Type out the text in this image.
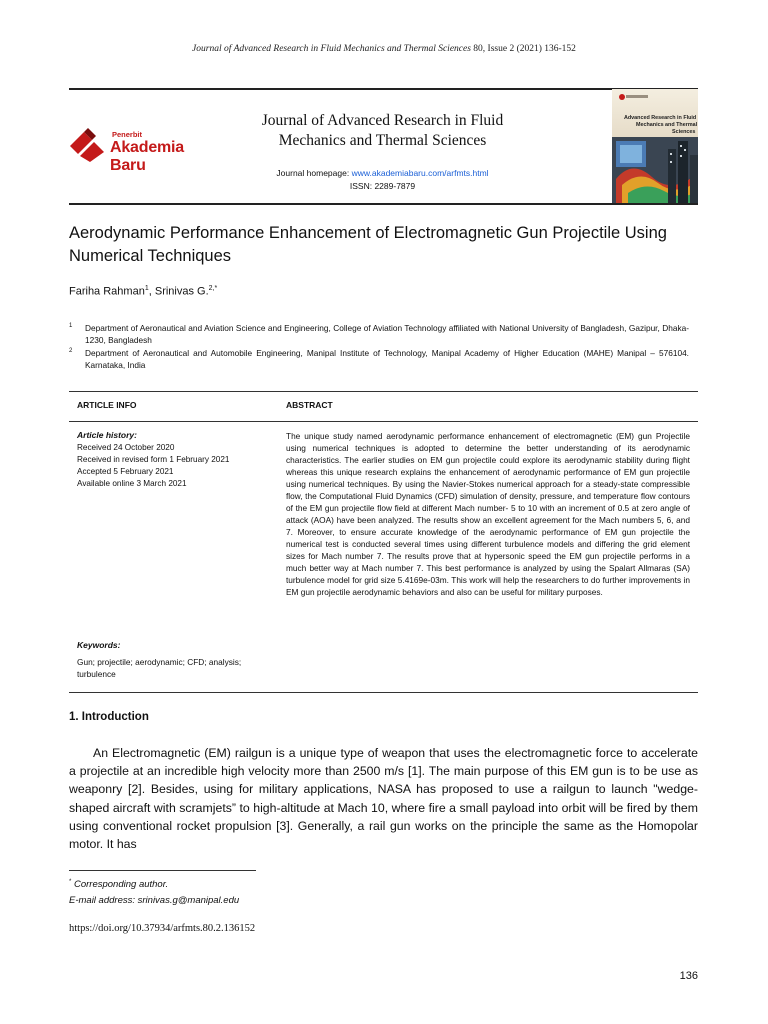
Journal of Advanced Research in Fluid Mechanics and Thermal Sciences 80, Issue 2 (2021) 136-152
Penerbit
Akademia Baru
Journal of Advanced Research in Fluid
Mechanics and Thermal Sciences
Journal homepage: www.akademiabaru.com/arfmts.html
ISSN: 2289-7879
Advanced Research in Fluid
Mechanics and Thermal
Sciences
Aerodynamic Performance Enhancement of Electromagnetic Gun Projectile Using Numerical Techniques
Fariha Rahman$^1$, Srinivas G.$^{2,*}$
1 Department of Aeronautical and Aviation Science and Engineering, College of Aviation Technology affiliated with National University of Bangladesh, Gazipur, Dhaka-1230, Bangladesh
2 Department of Aeronautical and Automobile Engineering, Manipal Institute of Technology, Manipal Academy of Higher Education (MAHE) Manipal – 576104. Karnataka, India
ARTICLE INFO	ABSTRACT
Article history:
Received 24 October 2020
Received in revised form 1 February 2021
Accepted 5 February 2021
Available online 3 March 2021
Keywords:
Gun; projectile; aerodynamic; CFD; analysis; turbulence
The unique study named aerodynamic performance enhancement of electromagnetic (EM) gun Projectile using numerical techniques is adopted to determine the better understanding of its aerodynamic characteristics. The earlier studies on EM gun projectile could explore its aerodynamic stability during flight whereas this unique research explains the enhancement of aerodynamic performance of EM gun projectile using numerical techniques. By using the Navier-Stokes numerical approach for a steady-state compressible flow, the Computational Fluid Dynamics (CFD) simulation of density, pressure, and temperature flow contours of the EM gun projectile flow field at different Mach number- 5 to 10 with an increment of 0.5 at zero angle of attack (AOA) have been analyzed. The results show an excellent agreement for the Mach numbers 5, 6, and 7. Moreover, to ensure accurate knowledge of the aerodynamic performance of EM gun projectile the numerical test is conducted several times using different turbulence models and differing the grid element sizes for Mach number 7. The results prove that at hypersonic speed the EM gun projectile performs in a much better way at Mach number 7. This best performance is analyzed by using the Spalart Allmaras (SA) turbulence model for grid size 5.4169e-03m. This work will help the researchers to do further improvements in EM gun projectile aerodynamic behaviors and also can be useful for military purposes.
1. Introduction
An Electromagnetic (EM) railgun is a unique type of weapon that uses the electromagnetic force to accelerate a projectile at an incredible high velocity more than 2500 m/s [1]. The main purpose of this EM gun is to be use as weaponry [2]. Besides, using for military applications, NASA has proposed to use a railgun to launch "wedge-shaped aircraft with scramjets” to high-altitude at Mach 10, where fire a small payload into orbit will be fired by them using conventional rocket propulsion [3]. Generally, a rail gun works on the principle the same as the Homopolar motor. It has
* Corresponding author.
E-mail address: srinivas.g@manipal.edu
https://doi.org/10.37934/arfmts.80.2.136152
136
